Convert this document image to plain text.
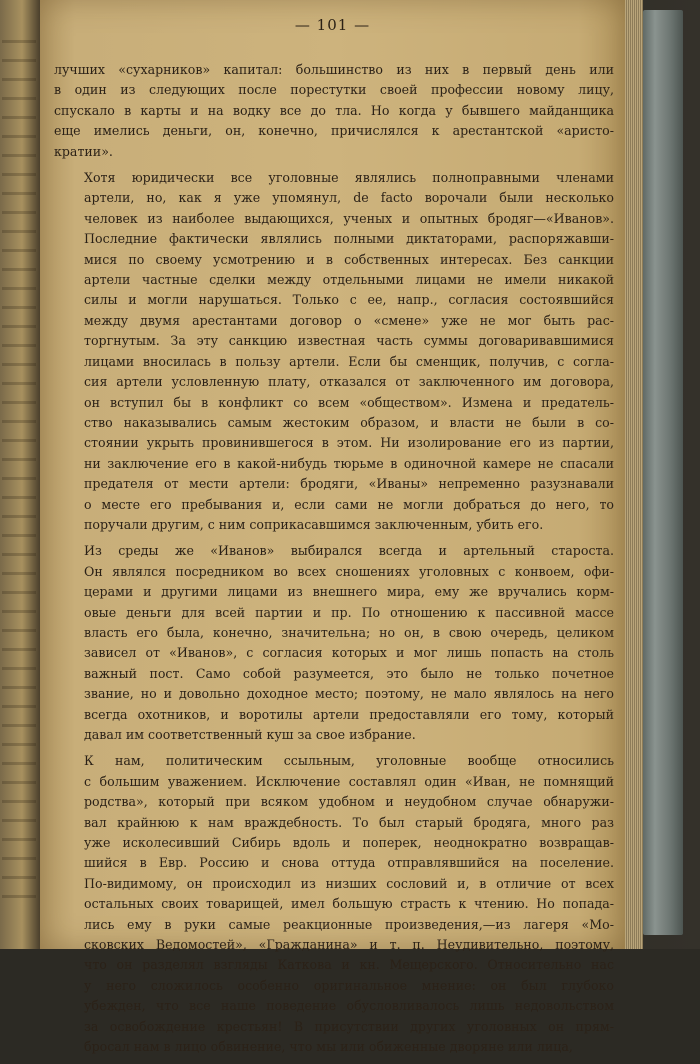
— 101 —

лучших «сухарников» капитал: большинство из них в первый день или
в один из следующих после порестутки своей профессии новому лицу,
спускало в карты и на водку все до тла. Но когда у бывшего майданщика
еще имелись деньги, он, конечно, причислялся к арестантской «аристо-
кратии».

Хотя юридически все уголовные являлись полноправными членами
артели, но, как я уже упомянул, de facto ворочали были несколько
человек из наиболее выдающихся, ученых и опытных бродяг—«Иванов».
Последние фактически являлись полными диктаторами, распоряжавши-
мися по своему усмотрению и в собственных интересах. Без санкции
артели частные сделки между отдельными лицами не имели никакой
силы и могли нарушаться. Только с ее, напр., согласия состоявшийся
между двумя арестантами договор о «смене» уже не мог быть рас-
торгнутым. За эту санкцию известная часть суммы договаривавшимися
лицами вносилась в пользу артели. Если бы сменщик, получив, с согла-
сия артели условленную плату, отказался от заключенного им договора,
он вступил бы в конфликт со всем «обществом». Измена и предатель-
ство наказывались самым жестоким образом, и власти не были в со-
стоянии укрыть провинившегося в этом. Ни изолирование его из партии,
ни заключение его в какой-нибудь тюрьме в одиночной камере не спасали
предателя от мести артели: бродяги, «Иваны» непременно разузнавали
о месте его пребывания и, если сами не могли добраться до него, то
поручали другим, с ним соприкасавшимся заключенным, убить его.

Из среды же «Иванов» выбирался всегда и артельный староста.
Он являлся посредником во всех сношениях уголовных с конвоем, офи-
церами и другими лицами из внешнего мира, ему же вручались корм-
овые деньги для всей партии и пр. По отношению к пассивной массе
власть его была, конечно, значительна; но он, в свою очередь, целиком
зависел от «Иванов», с согласия которых и мог лишь попасть на столь
важный пост. Само собой разумеется, это было не только почетное
звание, но и довольно доходное место; поэтому, не мало являлось на него
всегда охотников, и воротилы артели предоставляли его тому, который
давал им соответственный куш за свое избрание.

К нам, политическим ссыльным, уголовные вообще относились
с большим уважением. Исключение составлял один «Иван, не помнящий
родства», который при всяком удобном и неудобном случае обнаружи-
вал крайнюю к нам враждебность. То был старый бродяга, много раз
уже исколесивший Сибирь вдоль и поперек, неоднократно возвращав-
шийся в Евр. Россию и снова оттуда отправлявшийся на поселение.
По-видимому, он происходил из низших сословий и, в отличие от всех
остальных своих товарищей, имел большую страсть к чтению. Но попада-
лись ему в руки самые реакционные произведения,—из лагеря «Мо-
сковских Ведомостей», «Гражданина» и т. п. Неудивительно, поэтому,
что он разделял взгляды Каткова и кн. Мещерского. Относительно нас
у него сложилось особенно оригинальное мнение: он был глубоко
убежден, что все наше поведение обусловливалось лишь недовольством
за освобождение крестьян! В присутствии других уголовных он прям-
бросал нам в лицо обвинение, что мы или обиженные дворяне или лица,
